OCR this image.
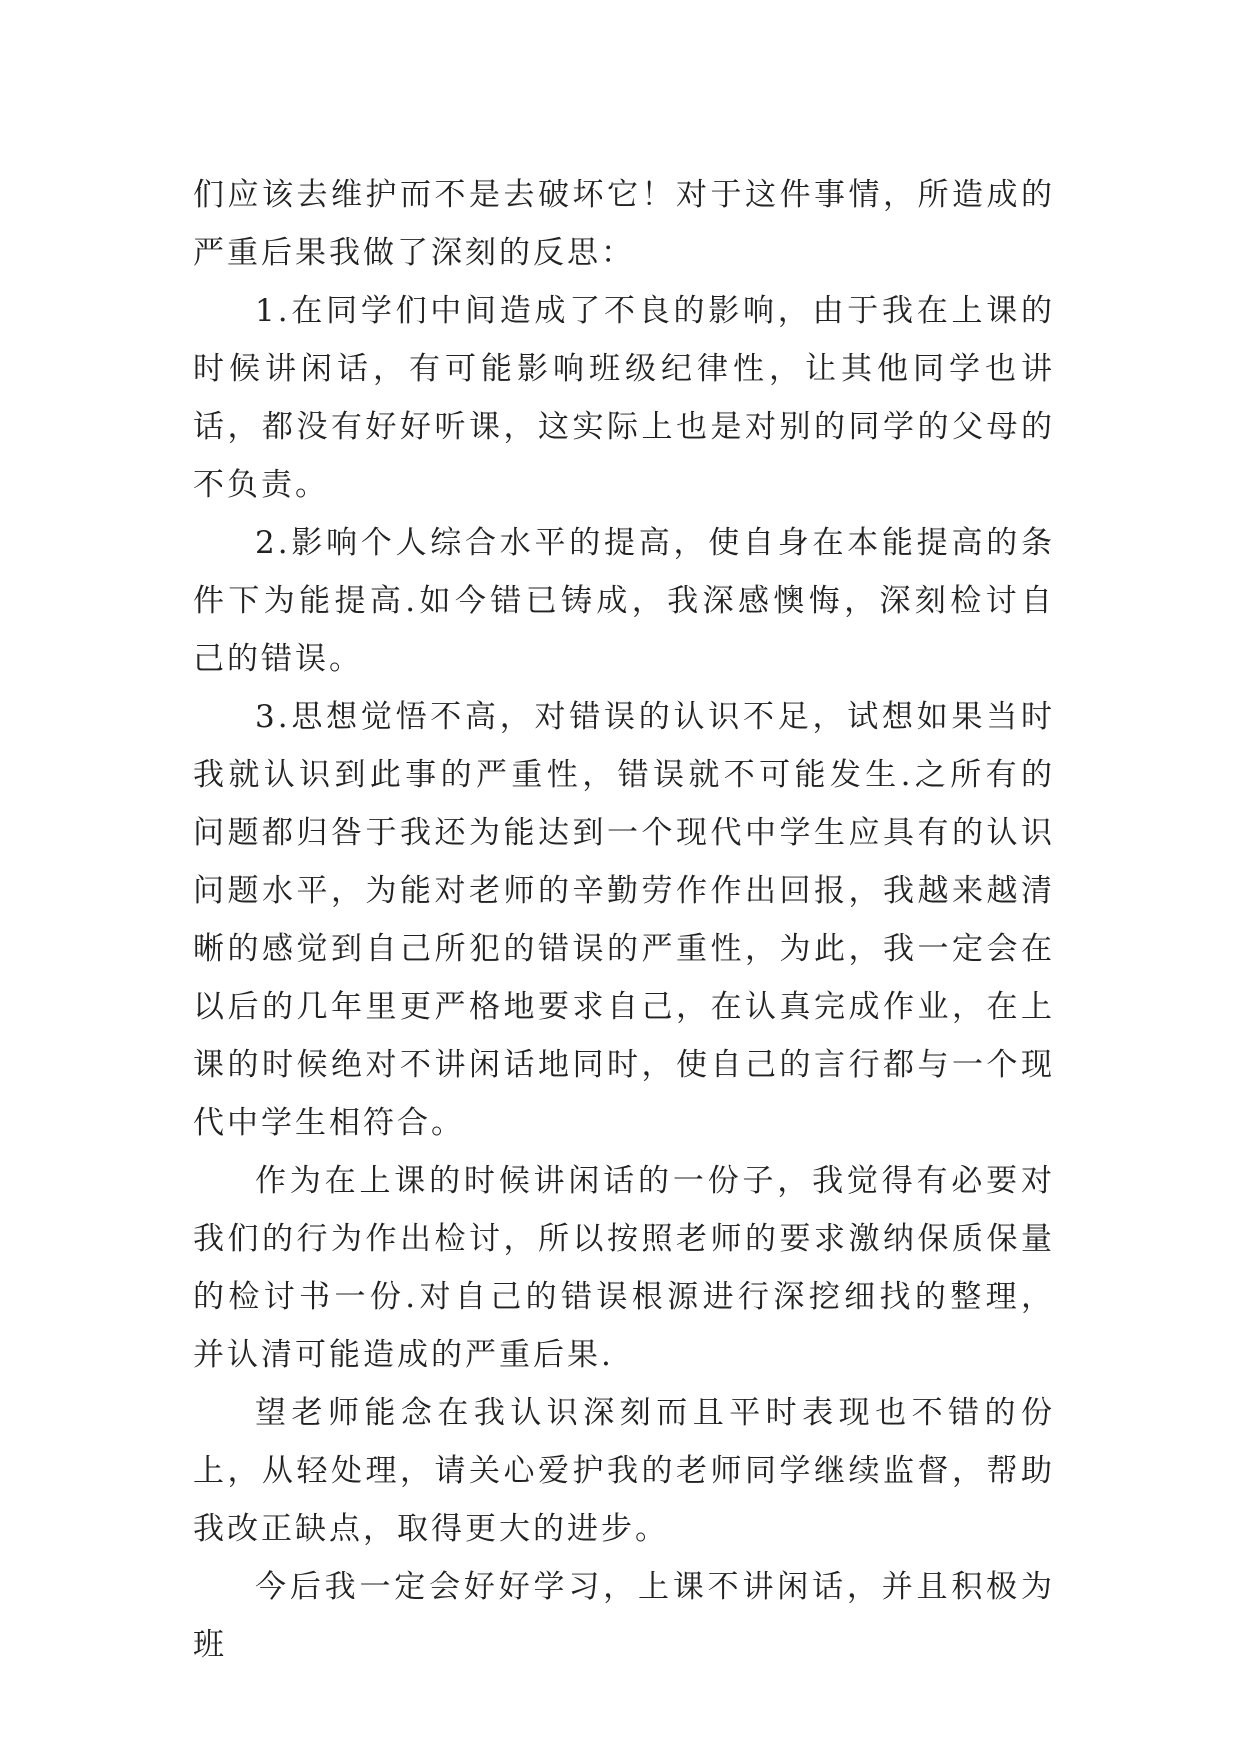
们应该去维护而不是去破坏它！对于这件事情，所造成的严重后果我做了深刻的反思：

1.在同学们中间造成了不良的影响，由于我在上课的时候讲闲话，有可能影响班级纪律性，让其他同学也讲话，都没有好好听课，这实际上也是对别的同学的父母的不负责。

2.影响个人综合水平的提高，使自身在本能提高的条件下为能提高.如今错已铸成，我深感懊悔，深刻检讨自己的错误。

3.思想觉悟不高，对错误的认识不足，试想如果当时我就认识到此事的严重性，错误就不可能发生.之所有的问题都归咎于我还为能达到一个现代中学生应具有的认识问题水平，为能对老师的辛勤劳作作出回报，我越来越清晰的感觉到自己所犯的错误的严重性，为此，我一定会在以后的几年里更严格地要求自己，在认真完成作业，在上课的时候绝对不讲闲话地同时，使自己的言行都与一个现代中学生相符合。

作为在上课的时候讲闲话的一份子，我觉得有必要对我们的行为作出检讨，所以按照老师的要求激纳保质保量的检讨书一份.对自己的错误根源进行深挖细找的整理，并认清可能造成的严重后果.

望老师能念在我认识深刻而且平时表现也不错的份上，从轻处理，请关心爱护我的老师同学继续监督，帮助我改正缺点，取得更大的进步。

今后我一定会好好学习，上课不讲闲话，并且积极为班
